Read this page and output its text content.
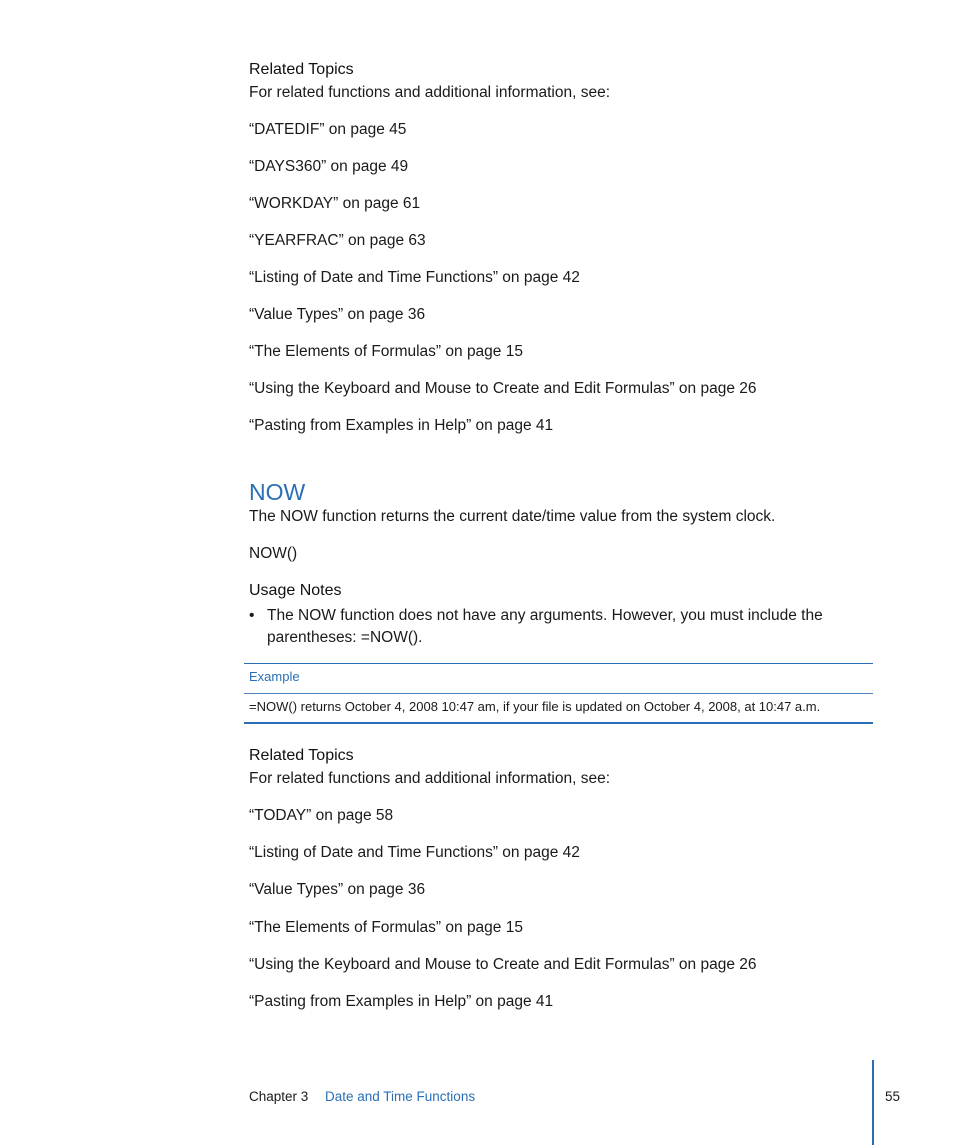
Related Topics
For related functions and additional information, see:
“DATEDIF” on page 45
“DAYS360” on page 49
“WORKDAY” on page 61
“YEARFRAC” on page 63
“Listing of Date and Time Functions” on page 42
“Value Types” on page 36
“The Elements of Formulas” on page 15
“Using the Keyboard and Mouse to Create and Edit Formulas” on page 26
“Pasting from Examples in Help” on page 41
NOW
The NOW function returns the current date/time value from the system clock.
NOW()
Usage Notes
• The NOW function does not have any arguments. However, you must include the parentheses: =NOW().
Example
=NOW() returns October 4, 2008 10:47 am, if your file is updated on October 4, 2008, at 10:47 a.m.
Related Topics
For related functions and additional information, see:
“TODAY” on page 58
“Listing of Date and Time Functions” on page 42
“Value Types” on page 36
“The Elements of Formulas” on page 15
“Using the Keyboard and Mouse to Create and Edit Formulas” on page 26
“Pasting from Examples in Help” on page 41
Chapter 3 Date and Time Functions	55
